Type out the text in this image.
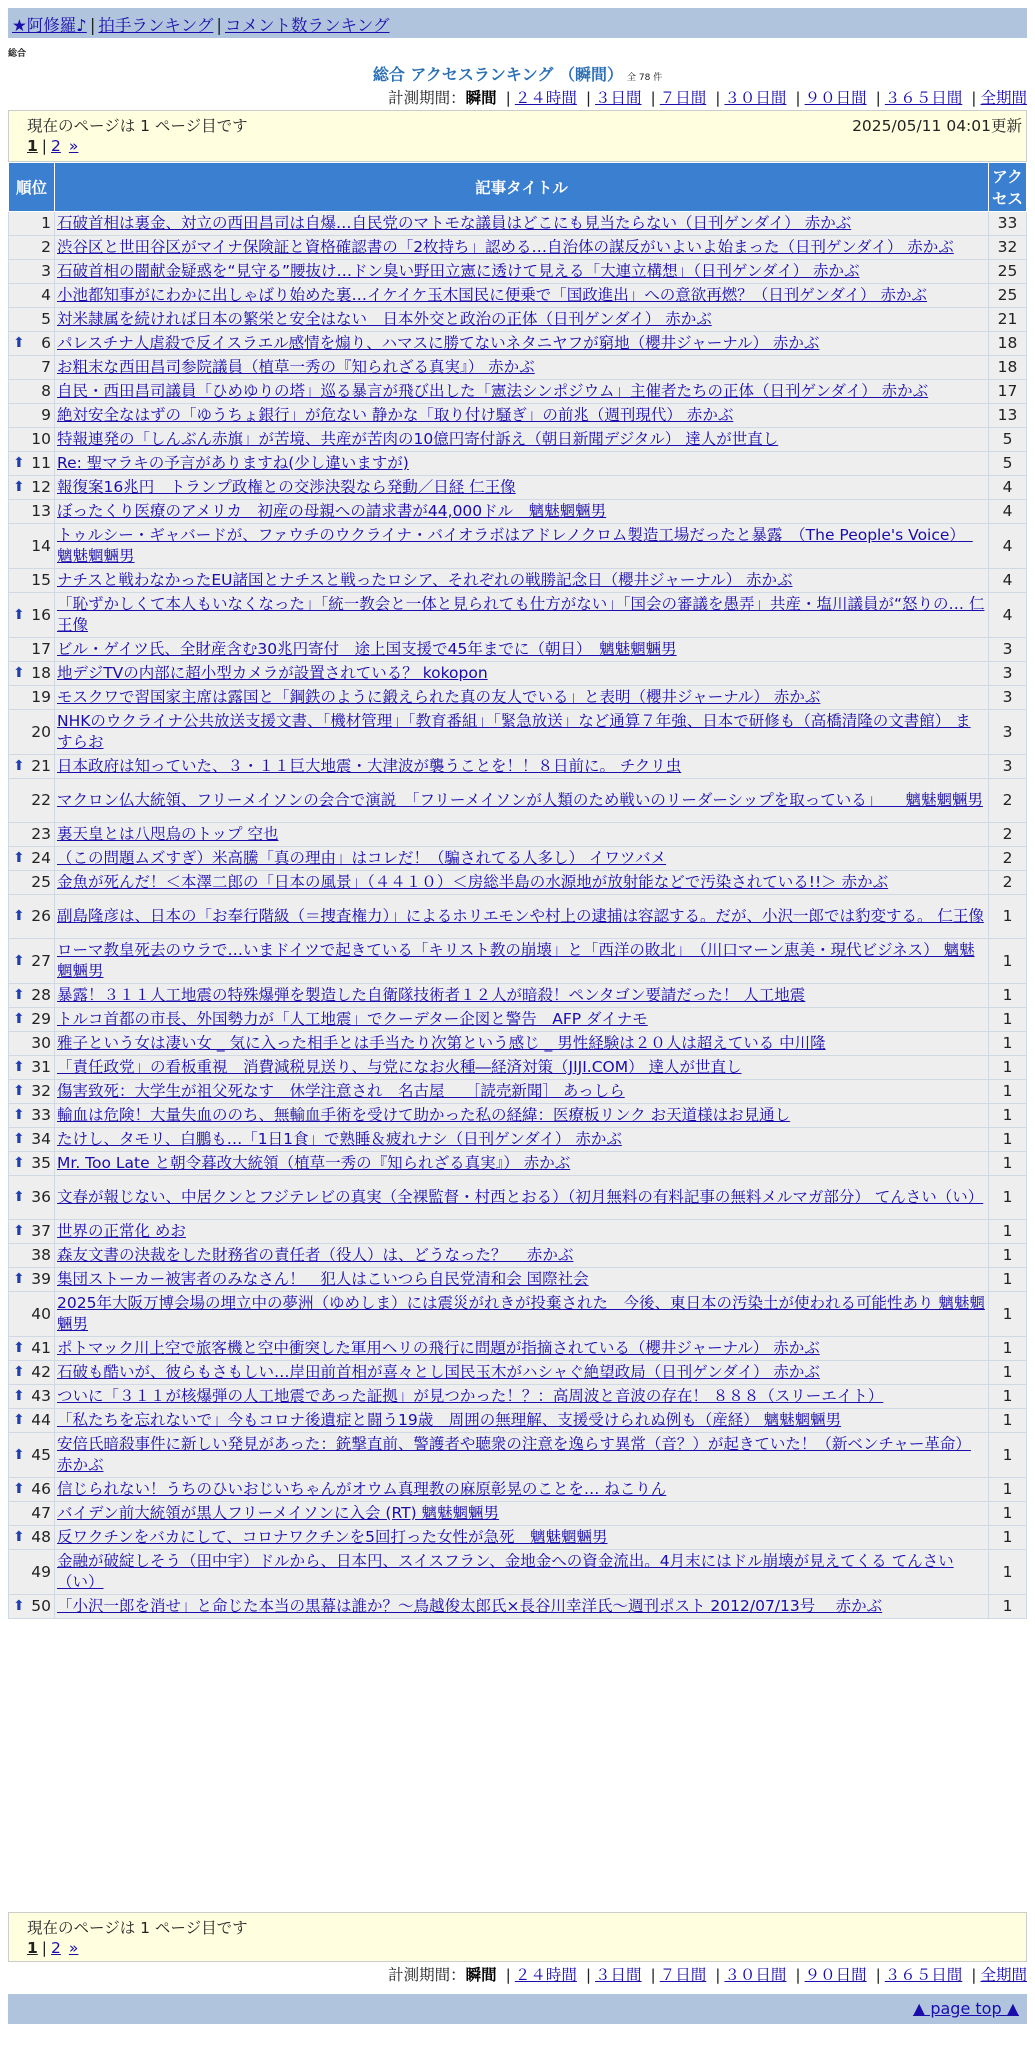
★阿修羅♪ | 拍手ランキング | コメント数ランキング
総合
総合 アクセスランキング （瞬間） 全 78 件
計測期間：瞬間 | ２４時間 | ３日間 | ７日間 | ３０日間 | ９０日間 | ３６５日間 | 全期間
現在のページは 1 ページ目です	2025/05/11 04:01更新
1 | 2 »
順位	記事タイトル	アクセス
1	石破首相は裏金、対立の西田昌司は自爆…自民党のマトモな議員はどこにも見当たらない（日刊ゲンダイ） 赤かぶ	33
2	渋谷区と世田谷区がマイナ保険証と資格確認書の「2枚持ち」認める…自治体の謀反がいよいよ始まった（日刊ゲンダイ） 赤かぶ	32
3	石破首相の闇献金疑惑を“見守る”腰抜け…ドン臭い野田立憲に透けて見える「大連立構想」（日刊ゲンダイ） 赤かぶ	25
4	小池都知事がにわかに出しゃばり始めた裏…イケイケ玉木国民に便乗で「国政進出」への意欲再燃？（日刊ゲンダイ） 赤かぶ	25
5	対米隷属を続ければ日本の繁栄と安全はない　日本外交と政治の正体（日刊ゲンダイ） 赤かぶ	21

⬆ 6	パレスチナ人虐殺で反イスラエル感情を煽り、ハマスに勝てないネタニヤフが窮地（櫻井ジャーナル） 赤かぶ	18
7	お粗末な西田昌司参院議員（植草一秀の『知られざる真実』） 赤かぶ	18
8	自民・西田昌司議員「ひめゆりの塔」巡る暴言が飛び出した「憲法シンポジウム」主催者たちの正体（日刊ゲンダイ） 赤かぶ	17
9	絶対安全なはずの「ゆうちょ銀行」が危ない 静かな「取り付け騒ぎ」の前兆（週刊現代） 赤かぶ	13
10	特報連発の「しんぶん赤旗」が苦境、共産が苦肉の10億円寄付訴え（朝日新聞デジタル） 達人が世直し	5

⬆ 11	Re: 聖マラキの予言がありますね(少し違いますが)	5

⬆ 12	報復案16兆円　トランプ政権との交渉決裂なら発動／日経 仁王像	4
13	ぼったくり医療のアメリカ　初産の母親への請求書が44,000ドル　魑魅魍魎男	4
14	トゥルシー・ギャバードが、ファウチのウクライナ・バイオラボはアドレノクロム製造工場だったと暴露　（The People's Voice）　魑魅魍魎男	4
15	ナチスと戦わなかったEU諸国とナチスと戦ったロシア、それぞれの戦勝記念日（櫻井ジャーナル） 赤かぶ	4

⬆ 16	「恥ずかしくて本人もいなくなった」「統一教会と一体と見られても仕方がない」「国会の審議を愚弄」共産・塩川議員が“怒りの… 仁王像	4
17	ビル・ゲイツ氏、全財産含む30兆円寄付　途上国支援で45年までに（朝日）　魑魅魍魎男	3

⬆ 18	地デジTVの内部に超小型カメラが設置されている？ kokopon	3
19	モスクワで習国家主席は露国と「鋼鉄のように鍛えられた真の友人でいる」と表明（櫻井ジャーナル） 赤かぶ	3
20	NHKのウクライナ公共放送支援文書、「機材管理」「教育番組」「緊急放送」など通算７年強、日本で研修も（高橋清隆の文書館） ますらお	3

⬆ 21	日本政府は知っていた、３・１１巨大地震・大津波が襲うことを！！８日前に。 チクリ虫	3
22	マクロン仏大統領、フリーメイソンの会合で演説　「フリーメイソンが人類のため戦いのリーダーシップを取っている」　　魑魅魍魎男	2
23	裏天皇とは八咫烏のトップ 空也	2

⬆ 24	（この問題ムズすぎ）米高騰「真の理由」はコレだ！（騙されてる人多し） イワツバメ	2
25	金魚が死んだ！＜本澤二郎の「日本の風景」（４４１０）＜房総半島の水源地が放射能などで汚染されている!!＞ 赤かぶ	2

⬆ 26	副島隆彦は、日本の「お奉行階級（＝捜査権力）」によるホリエモンや村上の逮捕は容認する。だが、小沢一郎では豹変する。 仁王像	1

⬆ 27	ローマ教皇死去のウラで…いまドイツで起きている「キリスト教の崩壊」と「西洋の敗北」　（川口マーン恵美・現代ビジネス） 魑魅魍魎男	1

⬆ 28	暴露！３１１人工地震の特殊爆弾を製造した自衛隊技術者１２人が暗殺！ペンタゴン要請だった！ 人工地震	1

⬆ 29	トルコ首都の市長、外国勢力が「人工地震」でクーデター企図と警告　AFP ダイナモ	1
30	雅子という女は凄い女 _ 気に入った相手とは手当たり次第という感じ _ 男性経験は２０人は超えている 中川隆	1

⬆ 31	「責任政党」の看板重視　消費減税見送り、与党になお火種―経済対策（JIJI.COM） 達人が世直し	1

⬆ 32	傷害致死：大学生が祖父死なす　休学注意され　名古屋　 ［読売新聞］ あっしら	1

⬆ 33	輸血は危険！大量失血ののち、無輸血手術を受けて助かった私の経緯：医療板リンク お天道様はお見通し	1

⬆ 34	たけし、タモリ、白鵬も…「1日1食」で熟睡＆疲れナシ（日刊ゲンダイ） 赤かぶ	1

⬆ 35	Mr. Too Late と朝令暮改大統領（植草一秀の『知られざる真実』） 赤かぶ	1

⬆ 36	文春が報じない、中居クンとフジテレビの真実（全裸監督・村西とおる）（初月無料の有料記事の無料メルマガ部分） てんさい（い）	1

⬆ 37	世界の正常化 めお	1
38	森友文書の決裁をした財務省の責任者（役人）は、どうなった？　 赤かぶ	1

⬆ 39	集団ストーカー被害者のみなさん！　犯人はこいつら自民党清和会 国際社会	1
40	2025年大阪万博会場の埋立中の夢洲（ゆめしま）には震災がれきが投棄された　今後、東日本の汚染土が使われる可能性あり 魑魅魍魎男	1

⬆ 41	ポトマック川上空で旅客機と空中衝突した軍用ヘリの飛行に問題が指摘されている（櫻井ジャーナル） 赤かぶ	1

⬆ 42	石破も酷いが、彼らもさもしい…岸田前首相が喜々とし国民玉木がハシャぐ絶望政局（日刊ゲンダイ） 赤かぶ	1

⬆ 43	ついに「３１１が核爆弾の人工地震であった証拠」が見つかった！？：高周波と音波の存在！ ８８８（スリーエイト）	1

⬆ 44	「私たちを忘れないで」今もコロナ後遺症と闘う19歳　周囲の無理解、支援受けられぬ例も（産経） 魑魅魍魎男	1

⬆ 45	安倍氏暗殺事件に新しい発見があった：銃撃直前、警護者や聴衆の注意を逸らす異常（音？）が起きていた！（新ベンチャー革命） 赤かぶ	1

⬆ 46	信じられない！うちのひいおじいちゃんがオウム真理教の麻原彰晃のことを… ねこりん	1
47	バイデン前大統領が黒人フリーメイソンに入会 (RT) 魑魅魍魎男	1

⬆ 48	反ワクチンをバカにして、コロナワクチンを5回打った女性が急死　魑魅魍魎男	1
49	金融が破綻しそう（田中宇）ドルから、日本円、スイスフラン、金地金への資金流出。4月末にはドル崩壊が見えてくる てんさい（い）	1

⬆ 50	「小沢一郎を消せ」と命じた本当の黒幕は誰か？～鳥越俊太郎氏×長谷川幸洋氏～週刊ポスト 2012/07/13号　 赤かぶ	1
現在のページは 1 ページ目です
1 | 2 »
計測期間：瞬間 | ２４時間 | ３日間 | ７日間 | ３０日間 | ９０日間 | ３６５日間 | 全期間
▲ page top ▲
